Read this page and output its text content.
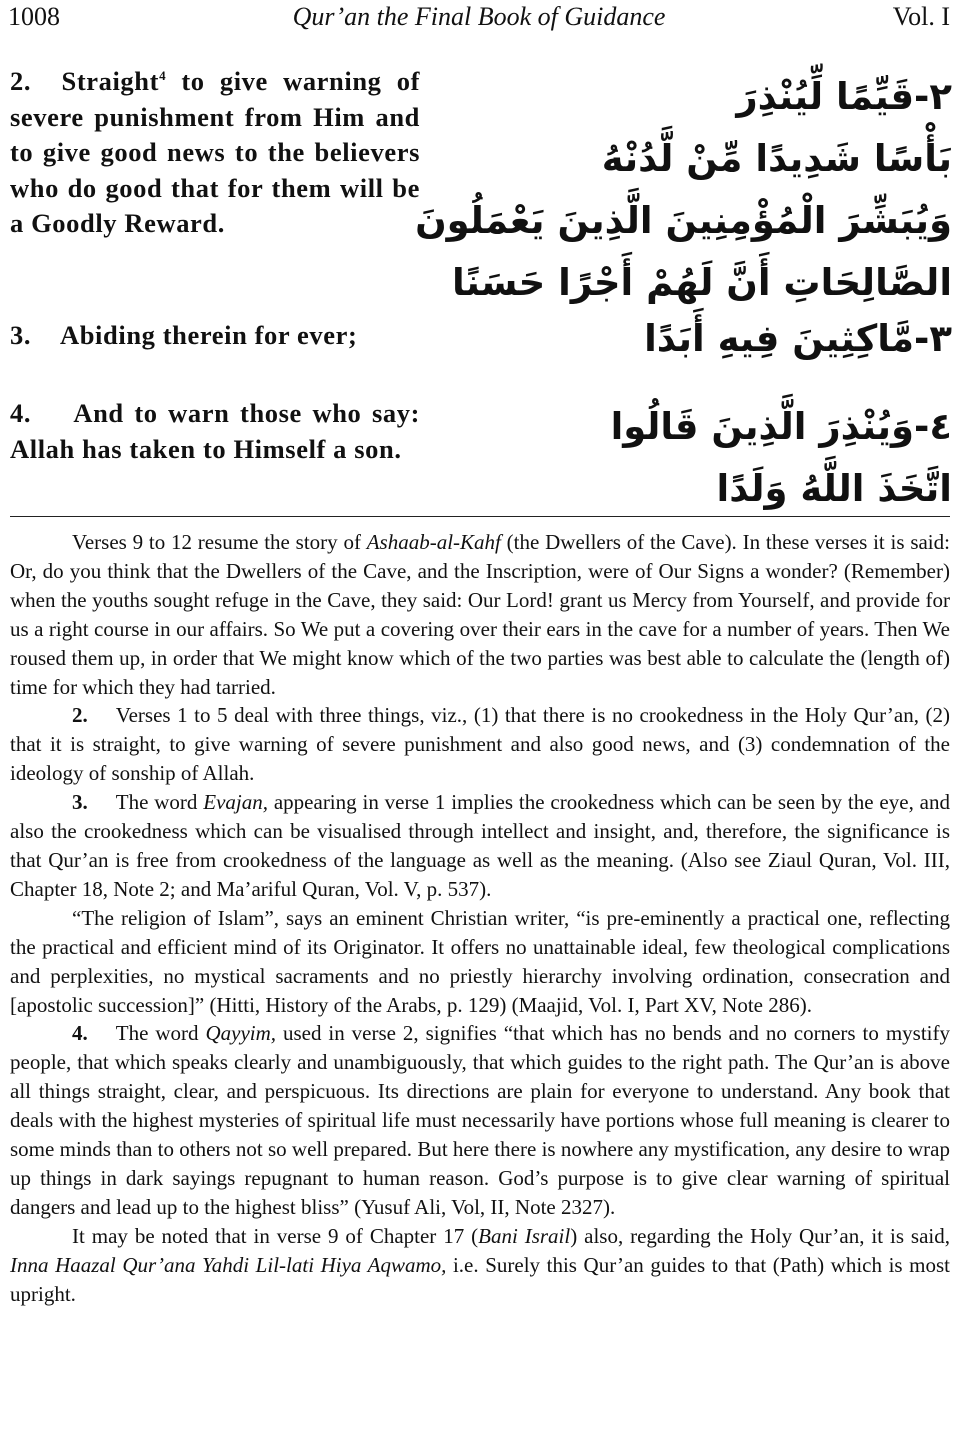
1008	Qur’an the Final Book of Guidance	Vol. I
2. Straight$^4$ to give warning of severe punishment from Him and to give good news to the believers who do good that for them will be a Goodly Reward.
3. Abiding therein for ever;
4. And to warn those who say: Allah has taken to Himself a son.
٢-قَيِّمًا لِّيُنْذِرَ
بَأْسًا شَدِيدًا مِّنْ لَّدُنْهُ
وَيُبَشِّرَ الْمُؤْمِنِينَ الَّذِينَ يَعْمَلُونَ
الصَّالِحَاتِ أَنَّ لَهُمْ أَجْرًا حَسَنًا
٣-مَّاكِثِينَ فِيهِ أَبَدًا
٤-وَيُنْذِرَ الَّذِينَ قَالُوا
اتَّخَذَ اللَّهُ وَلَدًا

Verses 9 to 12 resume the story of Ashaab-al-Kahf (the Dwellers of the Cave). In these verses it is said: Or, do you think that the Dwellers of the Cave, and the Inscription, were of Our Signs a wonder? (Remember) when the youths sought refuge in the Cave, they said: Our Lord! grant us Mercy from Yourself, and provide for us a right course in our affairs. So We put a covering over their ears in the cave for a number of years. Then We roused them up, in order that We might know which of the two parties was best able to calculate the (length of) time for which they had tarried.

2. Verses 1 to 5 deal with three things, viz., (1) that there is no crookedness in the Holy Qur’an, (2) that it is straight, to give warning of severe punishment and also good news, and (3) condemnation of the ideology of sonship of Allah.

3. The word Evajan, appearing in verse 1 implies the crookedness which can be seen by the eye, and also the crookedness which can be visualised through intellect and insight, and, therefore, the significance is that Qur’an is free from crookedness of the language as well as the meaning. (Also see Ziaul Quran, Vol. III, Chapter 18, Note 2; and Ma’ariful Quran, Vol. V, p. 537).

“The religion of Islam”, says an eminent Christian writer, “is pre-eminently a practical one, reflecting the practical and efficient mind of its Originator. It offers no unattainable ideal, few theological complications and perplexities, no mystical sacraments and no priestly hierarchy involving ordination, consecration and [apostolic succession]” (Hitti, History of the Arabs, p. 129) (Maajid, Vol. I, Part XV, Note 286).

4. The word Qayyim, used in verse 2, signifies “that which has no bends and no corners to mystify people, that which speaks clearly and unambiguously, that which guides to the right path. The Qur’an is above all things straight, clear, and perspicuous. Its directions are plain for everyone to understand. Any book that deals with the highest mysteries of spiritual life must necessarily have portions whose full meaning is clearer to some minds than to others not so well prepared. But here there is nowhere any mystification, any desire to wrap up things in dark sayings repugnant to human reason. God’s purpose is to give clear warning of spiritual dangers and lead up to the highest bliss” (Yusuf Ali, Vol, II, Note 2327).

It may be noted that in verse 9 of Chapter 17 (Bani Israil) also, regarding the Holy Qur’an, it is said, Inna Haazal Qur’ana Yahdi Lil-lati Hiya Aqwamo, i.e. Surely this Qur’an guides to that (Path) which is most upright.
